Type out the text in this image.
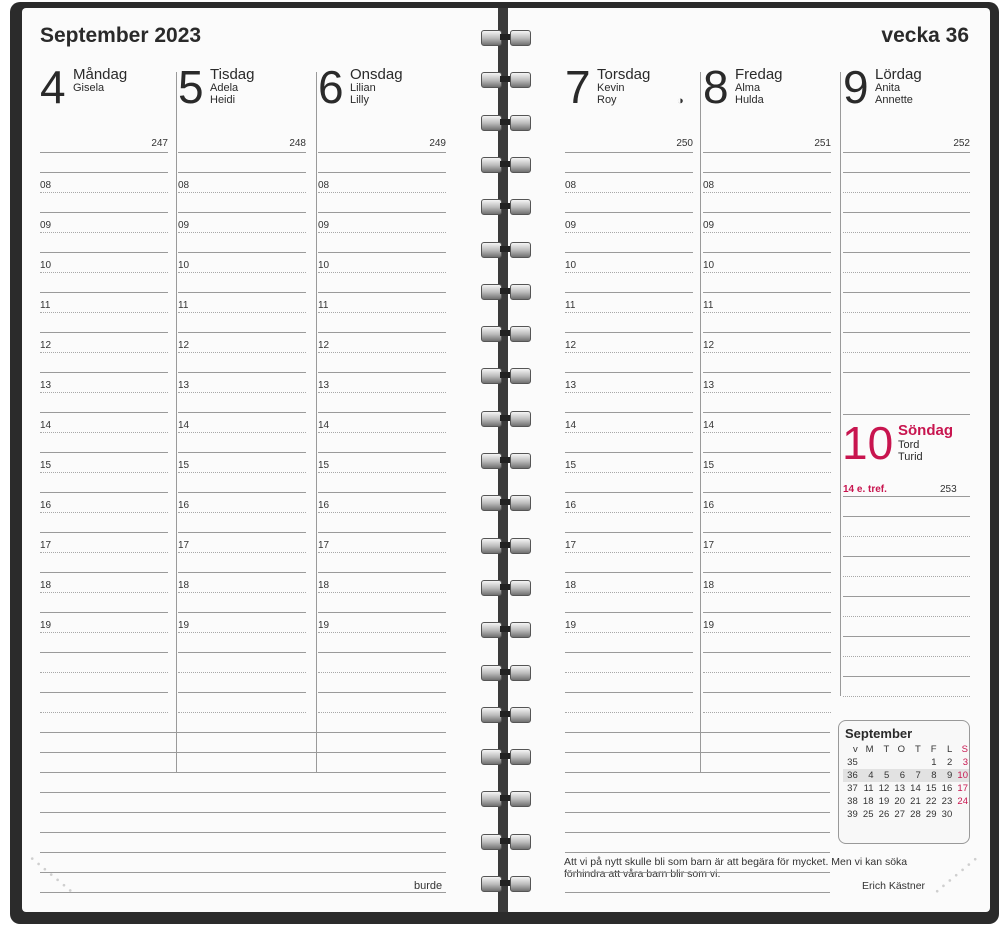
September 2023	vecka 36
4 Måndag
Gisela
247
5 Tisdag
Adela
Heidi
248
6 Onsdag
Lilian
Lilly
249
7 Torsdag
Kevin
Roy	◑
250
8 Fredag
Alma
Hulda
251
9 Lördag
Anita
Annette
252
10 Söndag
Tord
Turid
14 e. tref.	253
September
v	M	T	O	T	F	L	S
35					1	2	3
36	4	5	6	7	8	9	10
37	11	12	13	14	15	16	17
38	18	19	20	21	22	23	24
39	25	26	27	28	29	30	
Att vi på nytt skulle bli som barn är att begära för mycket. Men vi kan söka förhindra att våra barn blir som vi.
Erich Kästner
burde
08	08	08	08	08
09	09	09	09	09
10	10	10	10	10
11	11	11	11	11
12	12	12	12	12
13	13	13	13	13
14	14	14	14	14
15	15	15	15	15
16	16	16	16	16
17	17	17	17	17
18	18	18	18	18
19	19	19	19	19
• • • • • • •	• • • • • • •
